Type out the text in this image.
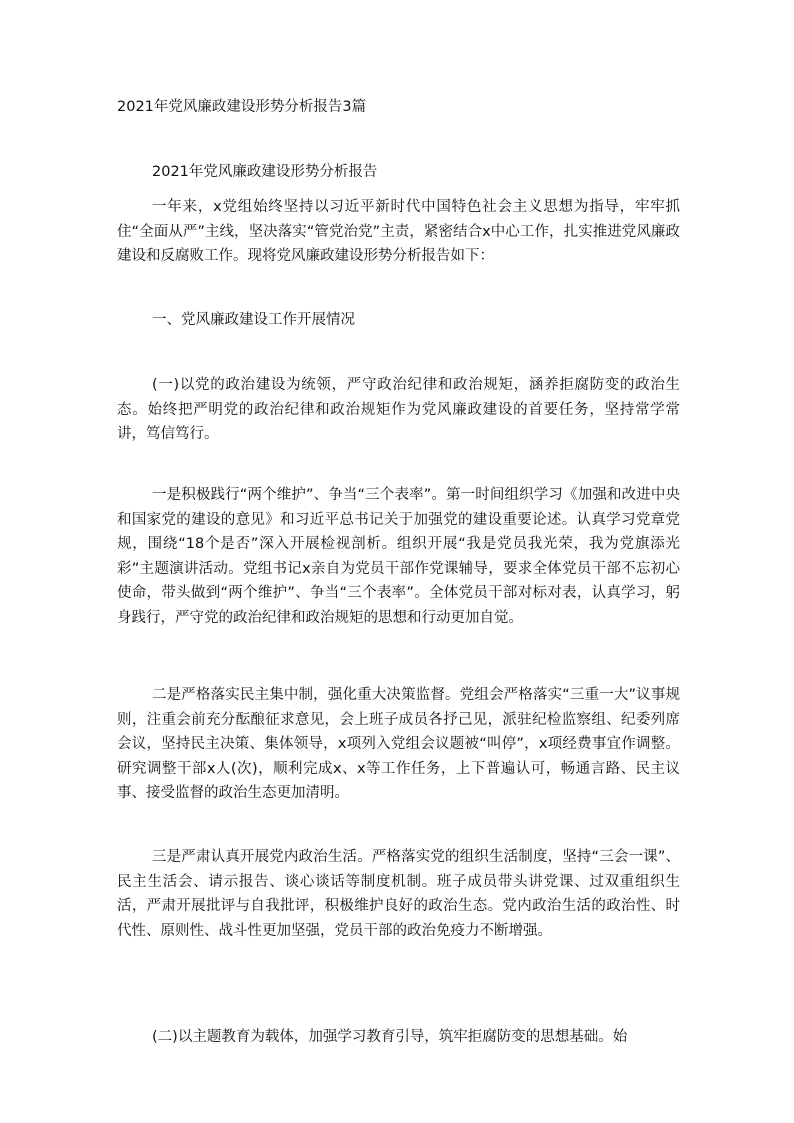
2021年党风廉政建设形势分析报告3篇
2021年党风廉政建设形势分析报告

一年来，x党组始终坚持以习近平新时代中国特色社会主义思想为指导，牢牢抓住“全面从严”主线，坚决落实“管党治党”主责，紧密结合x中心工作，扎实推进党风廉政建设和反腐败工作。现将党风廉政建设形势分析报告如下：

一、党风廉政建设工作开展情况

(一)以党的政治建设为统领，严守政治纪律和政治规矩，涵养拒腐防变的政治生态。始终把严明党的政治纪律和政治规矩作为党风廉政建设的首要任务，坚持常学常讲，笃信笃行。

一是积极践行“两个维护”、争当“三个表率”。第一时间组织学习《加强和改进中央和国家党的建设的意见》和习近平总书记关于加强党的建设重要论述。认真学习党章党规，围绕“18个是否”深入开展检视剖析。组织开展“我是党员我光荣，我为党旗添光彩”主题演讲活动。党组书记x亲自为党员干部作党课辅导，要求全体党员干部不忘初心使命，带头做到“两个维护”、争当“三个表率”。全体党员干部对标对表，认真学习，躬身践行，严守党的政治纪律和政治规矩的思想和行动更加自觉。

二是严格落实民主集中制，强化重大决策监督。党组会严格落实“三重一大”议事规则，注重会前充分酝酿征求意见，会上班子成员各抒己见，派驻纪检监察组、纪委列席会议，坚持民主决策、集体领导，x项列入党组会议题被“叫停”，x项经费事宜作调整。研究调整干部x人(次)，顺利完成x、x等工作任务，上下普遍认可，畅通言路、民主议事、接受监督的政治生态更加清明。

三是严肃认真开展党内政治生活。严格落实党的组织生活制度，坚持“三会一课”、民主生活会、请示报告、谈心谈话等制度机制。班子成员带头讲党课、过双重组织生活，严肃开展批评与自我批评，积极维护良好的政治生态。党内政治生活的政治性、时代性、原则性、战斗性更加坚强，党员干部的政治免疫力不断增强。

(二)以主题教育为载体，加强学习教育引导，筑牢拒腐防变的思想基础。始
